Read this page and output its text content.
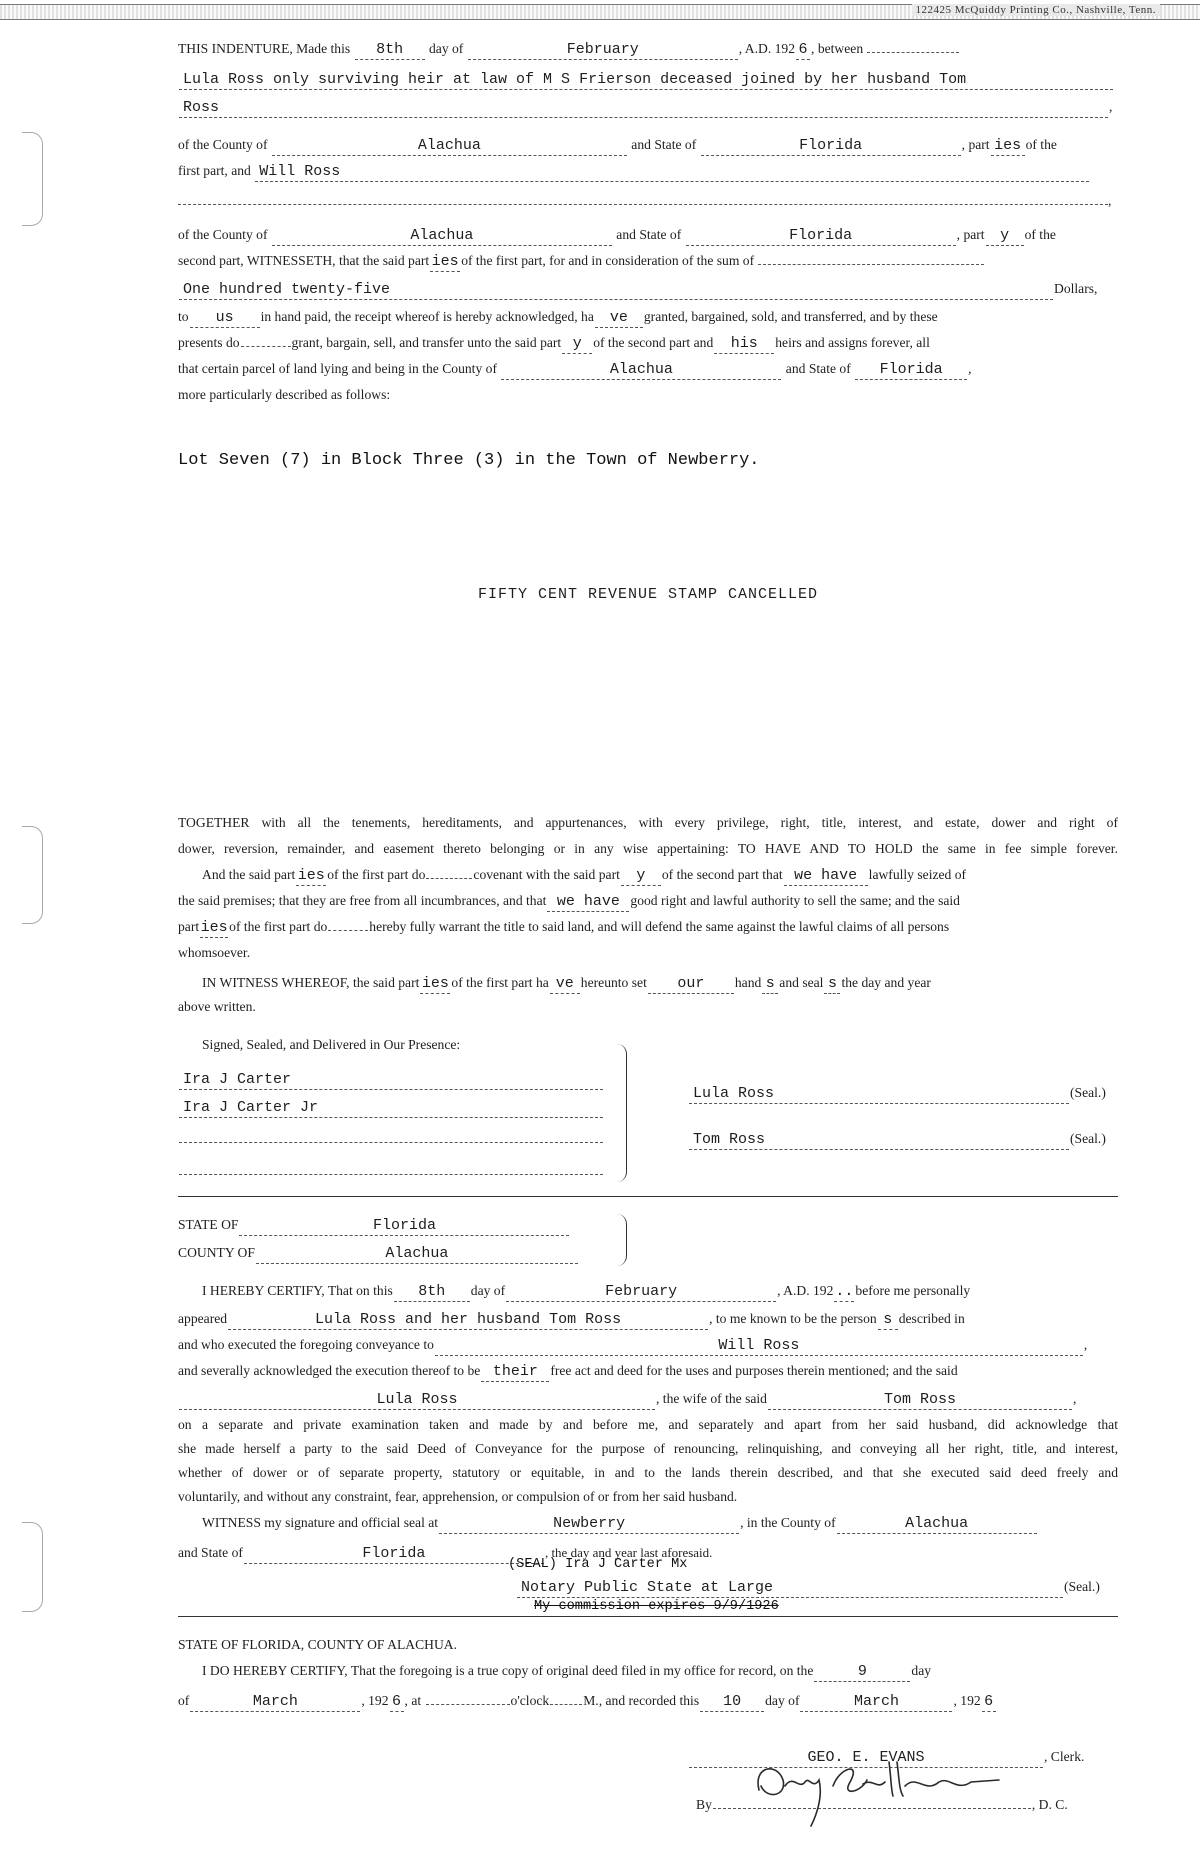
122425 McQuiddy Printing Co., Nashville, Tenn.
THIS INDENTURE, Made this 8th day of	February	, A.D. 192 6 , between
Lula Ross only surviving heir at law of M S Frierson deceased joined by her husband Tom
Ross	,
of the County of	Alachua	and State of	Florida	, part ies of the
first part, and Will Ross
,
of the County of	Alachua	and State of	Florida	, part y of the
second part, WITNESSETH, that the said part ies of the first part, for and in consideration of the sum of
One hundred twenty-five	Dollars,
to us in hand paid, the receipt whereof is hereby acknowledged, ha ve granted, bargained, sold, and transferred, and by these
presents do	grant, bargain, sell, and transfer unto the said part y of the second part and his heirs and assigns forever, all
that certain parcel of land lying and being in the County of	Alachua	and State of Florida ,
more particularly described as follows:
Lot Seven (7) in Block Three (3) in the Town of Newberry.
FIFTY CENT REVENUE STAMP CANCELLED
TOGETHER with all the tenements, hereditaments, and appurtenances, with every privilege, right, title, interest, and estate, dower and right of
dower, reversion, remainder, and easement thereto belonging or in any wise appertaining: TO HAVE AND TO HOLD the same in fee simple forever.
And the said part ies of the first part do	covenant with the said part y of the second part that we have lawfully seized of
the said premises; that they are free from all incumbrances, and that we have good right and lawful authority to sell the same; and the said
parties of the first part do	hereby fully warrant the title to said land, and will defend the same against the lawful claims of all persons
whomsoever.
IN WITNESS WHEREOF, the said part ies of the first part ha ve hereunto set our hand s and seal s the day and year
above written.
Signed, Sealed, and Delivered in Our Presence:
Ira J Carter
Ira J Carter Jr
Lula Ross	(Seal.)
Tom Ross	(Seal.)
STATE OF	Florida
COUNTY OF	Alachua
I HEREBY CERTIFY, That on this 8th day of	February	, A.D. 192 .. before me personally
appeared	Lula Ross and her husband Tom Ross	, to me known to be the person s described in
and who executed the foregoing conveyance to	Will Ross	,
and severally acknowledged the execution thereof to be their free act and deed for the uses and purposes therein mentioned; and the said
Lula Ross	, the wife of the said	Tom Ross	,
on a separate and private examination taken and made by and before me, and separately and apart from her said husband, did acknowledge that
she made herself a party to the said Deed of Conveyance for the purpose of renouncing, relinquishing, and conveying all her right, title, and interest,
whether of dower or of separate property, statutory or equitable, in and to the lands therein described, and that she executed said deed freely and
voluntarily, and without any constraint, fear, apprehension, or compulsion of or from her said husband.
WITNESS my signature and official seal at	Newberry	, in the County of	Alachua
and State of	Florida	, the day and year last aforesaid.
(SEAL) Ira J Carter Mx
Notary Public State at Large	(Seal.)
My commission expires 9/9/1926
STATE OF FLORIDA, COUNTY OF ALACHUA.
I DO HEREBY CERTIFY, That the foregoing is a true copy of original deed filed in my office for record, on the	9	day
of	March	, 192 6 , at	o'clock	M., and recorded this 10 day of	March	, 192 6
GEO. E. EVANS	, Clerk.
By	, D. C.
